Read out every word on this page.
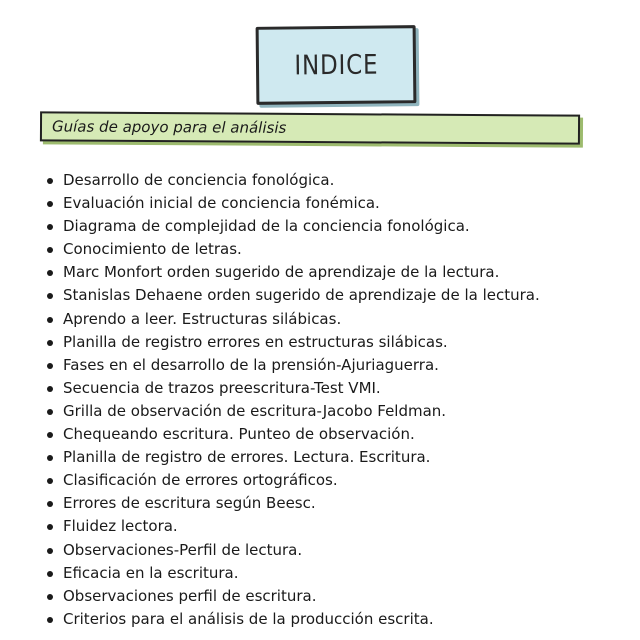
INDICE
Guías de apoyo para el análisis
Desarrollo de conciencia fonológica.
Evaluación inicial de conciencia fonémica.
Diagrama de complejidad de la conciencia fonológica.
Conocimiento de letras.
Marc Monfort orden sugerido de aprendizaje de la lectura.
Stanislas Dehaene orden sugerido de aprendizaje de la lectura.
Aprendo a leer. Estructuras silábicas.
Planilla de registro errores en estructuras silábicas.
Fases en el desarrollo de la prensión-Ajuriaguerra.
Secuencia de trazos preescritura-Test VMI.
Grilla de observación de escritura-Jacobo Feldman.
Chequeando escritura. Punteo de observación.
Planilla de registro de errores. Lectura. Escritura.
Clasificación de errores ortográficos.
Errores de escritura según Beesc.
Fluidez lectora.
Observaciones-Perfil de lectura.
Eficacia en la escritura.
Observaciones perfil de escritura.
Criterios para el análisis de la producción escrita.
